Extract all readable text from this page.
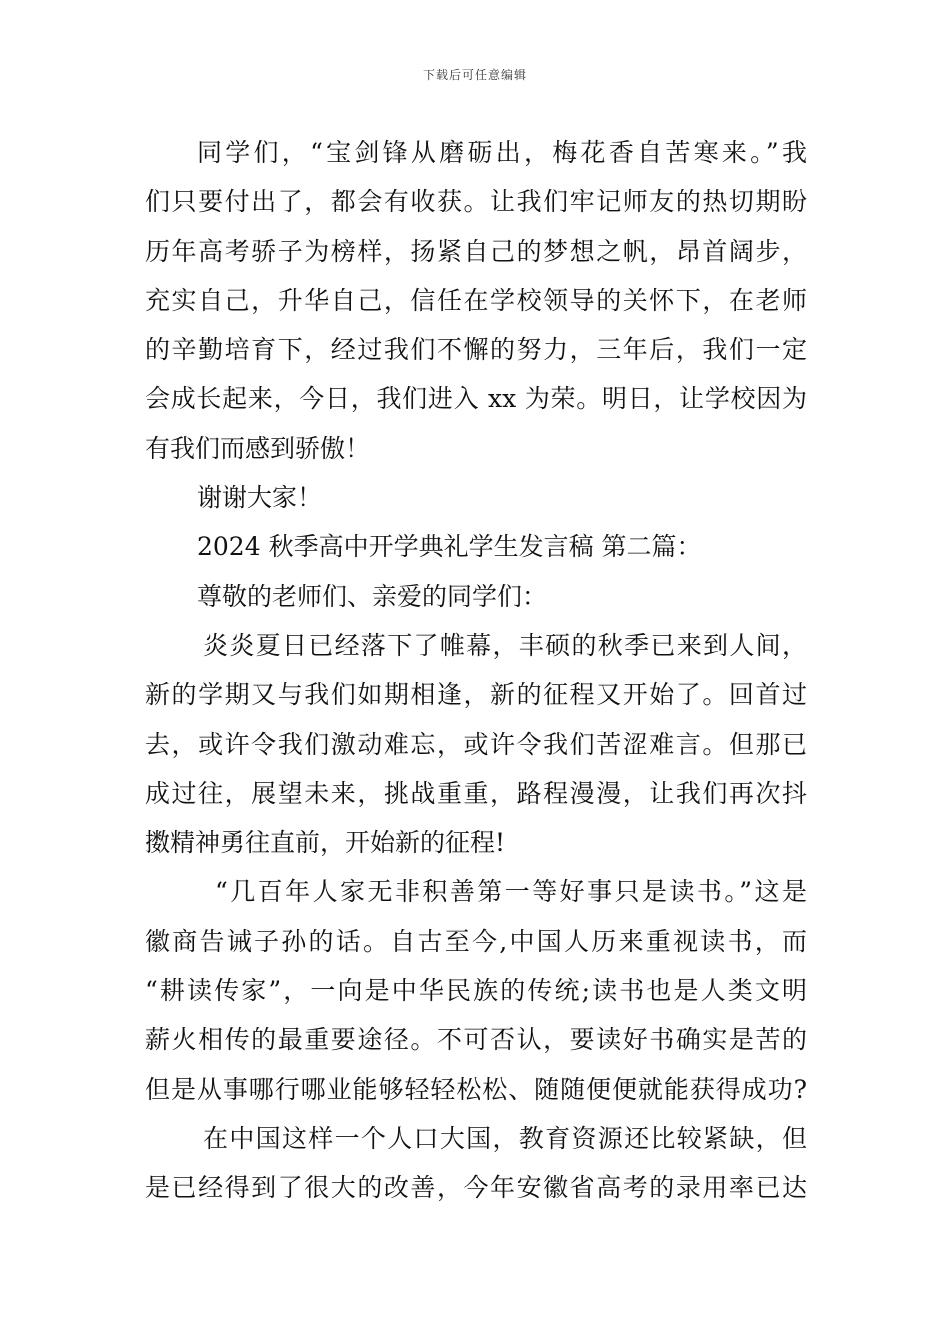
下载后可任意编辑
同学们，“宝剑锋从磨砺出，梅花香自苦寒来。”我
们只要付出了，都会有收获。让我们牢记师友的热切期盼
历年高考骄子为榜样，扬紧自己的梦想之帆，昂首阔步，
充实自己，升华自己，信任在学校领导的关怀下，在老师
的辛勤培育下，经过我们不懈的努力，三年后，我们一定
会成长起来，今日，我们进入 xx 为荣。明日，让学校因为
有我们而感到骄傲！
谢谢大家！
2024 秋季高中开学典礼学生发言稿 第二篇：
尊敬的老师们、亲爱的同学们：
炎炎夏日已经落下了帷幕，丰硕的秋季已来到人间，
新的学期又与我们如期相逢，新的征程又开始了。回首过
去，或许令我们激动难忘，或许令我们苦涩难言。但那已
成过往，展望未来，挑战重重，路程漫漫，让我们再次抖
擞精神勇往直前，开始新的征程!
“几百年人家无非积善第一等好事只是读书。”这是
徽商告诫子孙的话。自古至今,中国人历来重视读书，而
“耕读传家”，一向是中华民族的传统;读书也是人类文明
薪火相传的最重要途径。不可否认，要读好书确实是苦的
但是从事哪行哪业能够轻轻松松、随随便便就能获得成功?
在中国这样一个人口大国，教育资源还比较紧缺，但
是已经得到了很大的改善，今年安徽省高考的录用率已达
